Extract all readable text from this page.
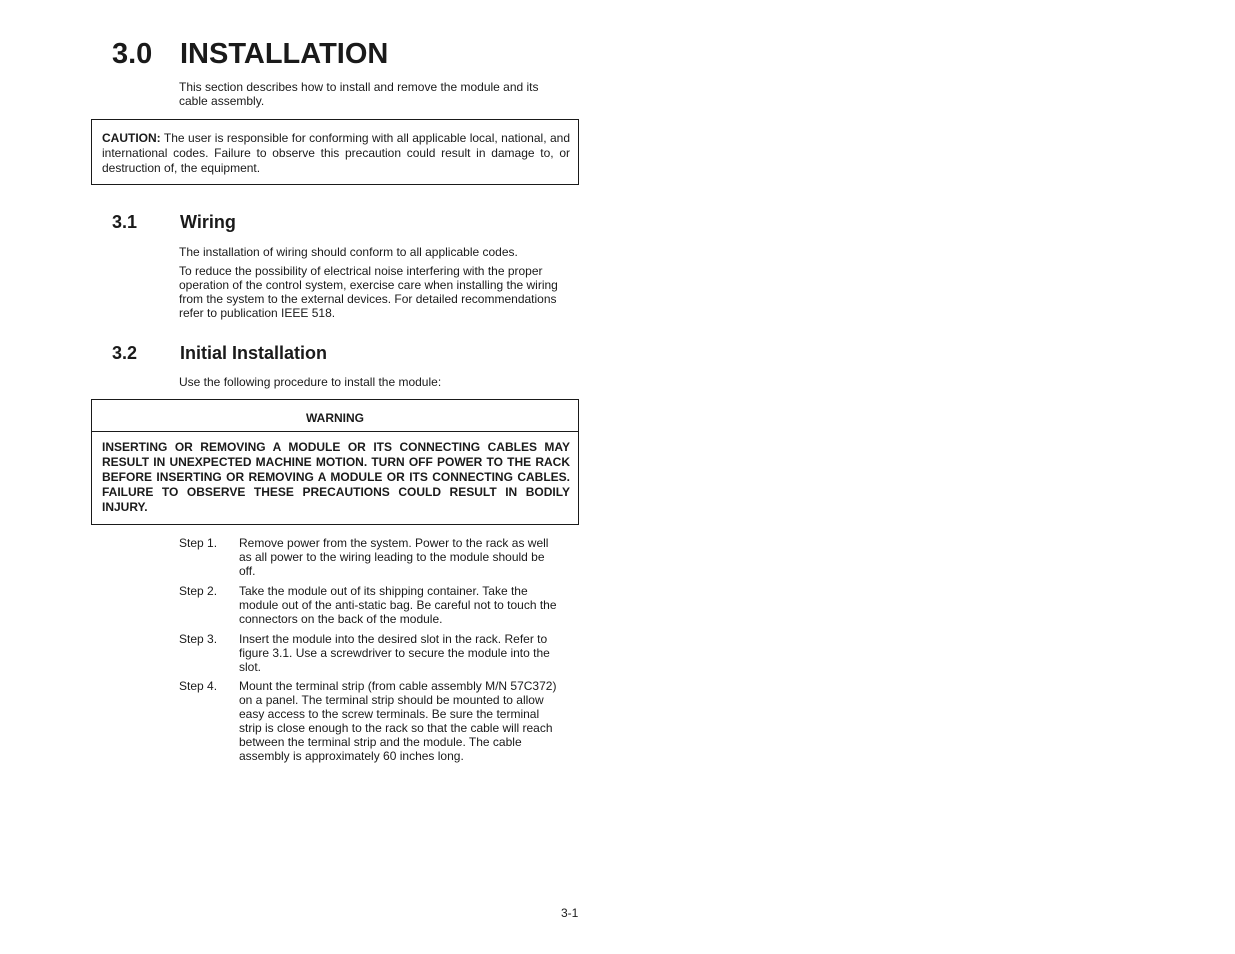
3.0 INSTALLATION

This section describes how to install and remove the module and its cable assembly.

CAUTION: The user is responsible for conforming with all applicable local, national, and international codes. Failure to observe this precaution could result in damage to, or destruction of, the equipment.

3.1 Wiring

The installation of wiring should conform to all applicable codes.

To reduce the possibility of electrical noise interfering with the proper operation of the control system, exercise care when installing the wiring from the system to the external devices. For detailed recommendations refer to publication IEEE 518.

3.2 Initial Installation

Use the following procedure to install the module:

WARNING

INSERTING OR REMOVING A MODULE OR ITS CONNECTING CABLES MAY RESULT IN UNEXPECTED MACHINE MOTION. TURN OFF POWER TO THE RACK BEFORE INSERTING OR REMOVING A MODULE OR ITS CONNECTING CABLES. FAILURE TO OBSERVE THESE PRECAUTIONS COULD RESULT IN BODILY INJURY.

Step 1. Remove power from the system. Power to the rack as well as all power to the wiring leading to the module should be off.

Step 2. Take the module out of its shipping container. Take the module out of the anti-static bag. Be careful not to touch the connectors on the back of the module.

Step 3. Insert the module into the desired slot in the rack. Refer to figure 3.1. Use a screwdriver to secure the module into the slot.

Step 4. Mount the terminal strip (from cable assembly M/N 57C372) on a panel. The terminal strip should be mounted to allow easy access to the screw terminals. Be sure the terminal strip is close enough to the rack so that the cable will reach between the terminal strip and the module. The cable assembly is approximately 60 inches long.

3-1
